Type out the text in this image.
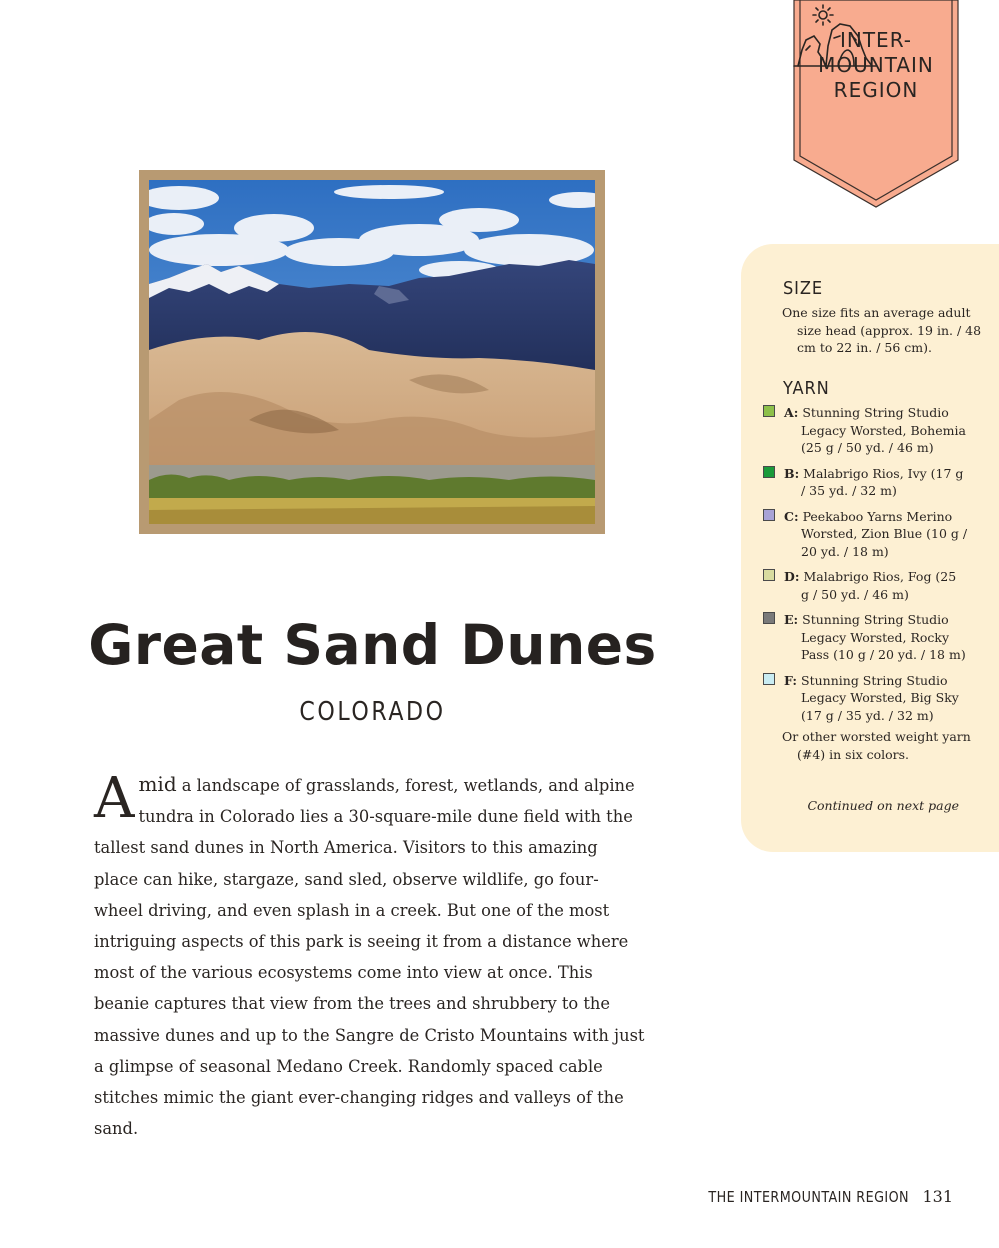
INTER-
MOUNTAIN
REGION
Great Sand Dunes
COLORADO

Amid a landscape of grasslands, forest, wetlands, and alpine tundra in Colorado lies a 30-square-mile dune field with the tallest sand dunes in North America. Visitors to this amazing place can hike, stargaze, sand sled, observe wildlife, go four-wheel driving, and even splash in a creek. But one of the most intriguing aspects of this park is seeing it from a distance where most of the various ecosystems come into view at once. This beanie captures that view from the trees and shrubbery to the massive dunes and up to the Sangre de Cristo Mountains with just a glimpse of seasonal Medano Creek. Randomly spaced cable stitches mimic the giant ever-changing ridges and valleys of the sand.

SIZE
One size fits an average adult size head (approx. 19 in. / 48 cm to 22 in. / 56 cm).
YARN
A: Stunning String Studio Legacy Worsted, Bohemia (25 g / 50 yd. / 46 m)
B: Malabrigo Rios, Ivy (17 g / 35 yd. / 32 m)
C: Peekaboo Yarns Merino Worsted, Zion Blue (10 g / 20 yd. / 18 m)
D: Malabrigo Rios, Fog (25 g / 50 yd. / 46 m)
E: Stunning String Studio Legacy Worsted, Rocky Pass (10 g / 20 yd. / 18 m)
F: Stunning String Studio Legacy Worsted, Big Sky (17 g / 35 yd. / 32 m)
Or other worsted weight yarn (#4) in six colors.
Continued on next page
THE INTERMOUNTAIN REGION 131
